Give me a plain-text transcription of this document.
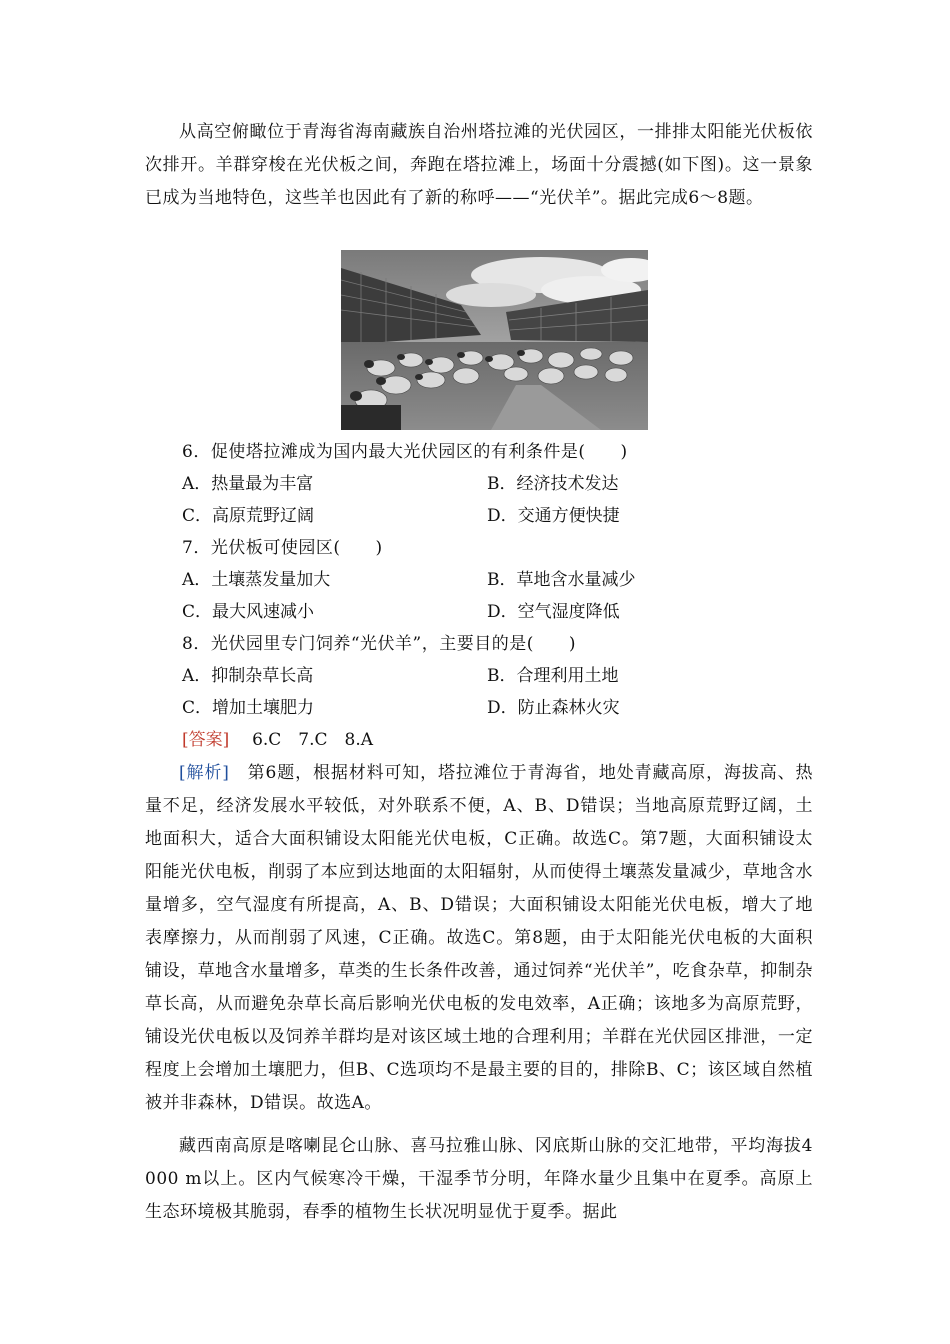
从高空俯瞰位于青海省海南藏族自治州塔拉滩的光伏园区，一排排太阳能光伏板依次排开。羊群穿梭在光伏板之间，奔跑在塔拉滩上，场面十分震撼(如下图)。这一景象已成为当地特色，这些羊也因此有了新的称呼——“光伏羊”。据此完成6～8题。
6．促使塔拉滩成为国内最大光伏园区的有利条件是(　　)
A．热量最为丰富	B．经济技术发达
C．高原荒野辽阔	D．交通方便快捷
7．光伏板可使园区(　　)
A．土壤蒸发量加大	B．草地含水量减少
C．最大风速减小	D．空气湿度降低
8．光伏园里专门饲养“光伏羊”，主要目的是(　　)
A．抑制杂草长高	B．合理利用土地
C．增加土壤肥力	D．防止森林火灾
[答案] 6.C　7.C　8.A
[解析]　 第6题，根据材料可知，塔拉滩位于青海省，地处青藏高原，海拔高、热量不足，经济发展水平较低，对外联系不便，A、B、D错误；当地高原荒野辽阔，土地面积大，适合大面积铺设太阳能光伏电板，C正确。故选C。第7题，大面积铺设太阳能光伏电板，削弱了本应到达地面的太阳辐射，从而使得土壤蒸发量减少，草地含水量增多，空气湿度有所提高，A、B、D错误；大面积铺设太阳能光伏电板，增大了地表摩擦力，从而削弱了风速，C正确。故选C。第8题，由于太阳能光伏电板的大面积铺设，草地含水量增多，草类的生长条件改善，通过饲养“光伏羊”，吃食杂草，抑制杂草长高，从而避免杂草长高后影响光伏电板的发电效率，A正确；该地多为高原荒野，铺设光伏电板以及饲养羊群均是对该区域土地的合理利用；羊群在光伏园区排泄，一定程度上会增加土壤肥力，但B、C选项均不是最主要的目的，排除B、C；该区域自然植被并非森林，D错误。故选A。
藏西南高原是喀喇昆仑山脉、喜马拉雅山脉、冈底斯山脉的交汇地带，平均海拔4 000 m以上。区内气候寒冷干燥，干湿季节分明，年降水量少且集中在夏季。高原上生态环境极其脆弱，春季的植物生长状况明显优于夏季。据此
